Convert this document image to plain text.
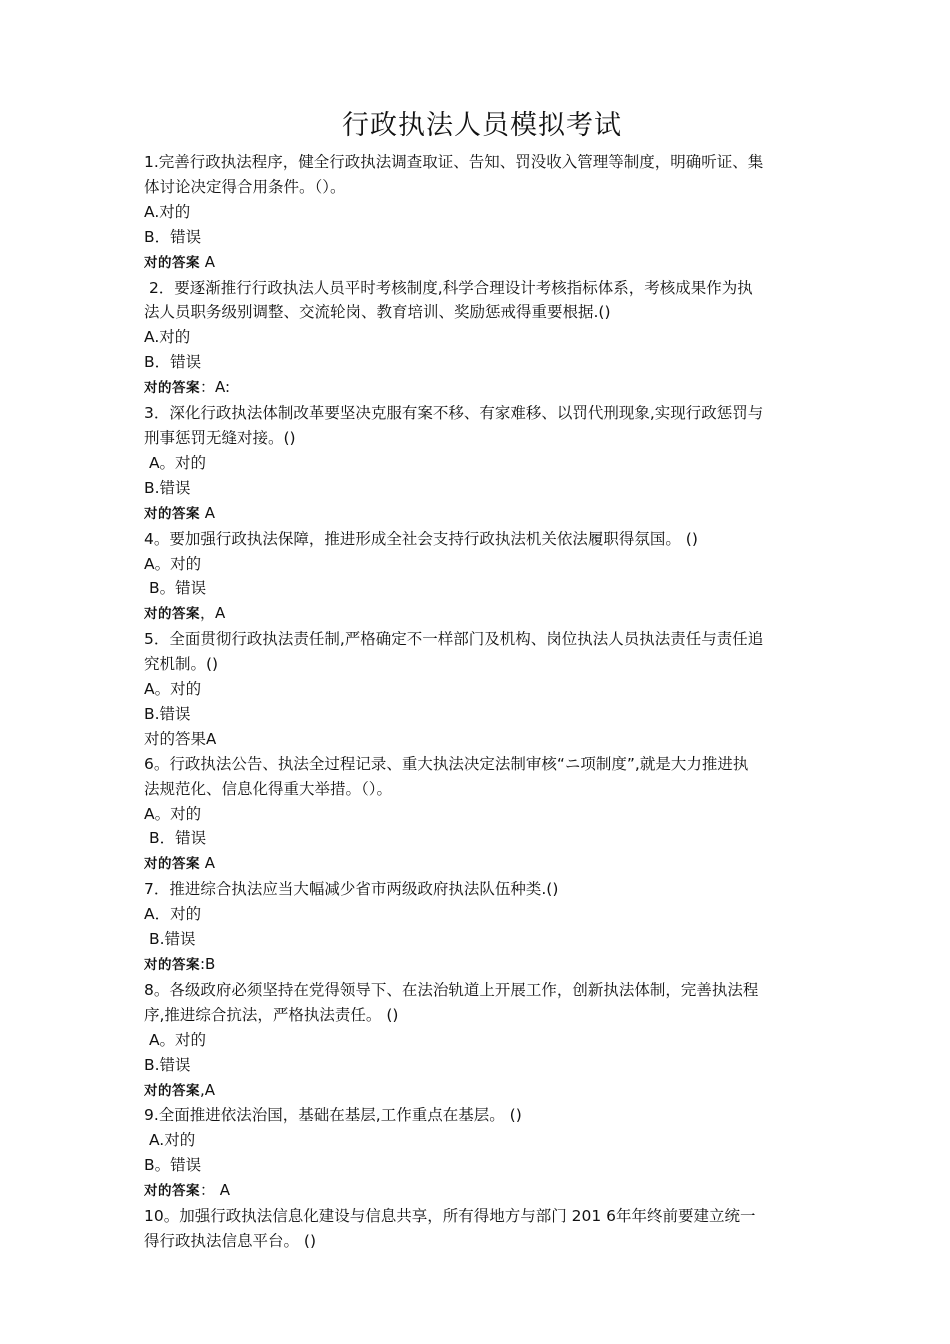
行政执法人员模拟考试

1.完善行政执法程序，健全行政执法调查取证、告知、罚没收入管理等制度，明确听证、集
体讨论决定得合用条件。（）。

A.对的

B．错误

对的答案 A

2．要逐渐推行行政执法人员平时考核制度,科学合理设计考核指标体系，考核成果作为执
法人员职务级别调整、交流轮岗、教育培训、奖励惩戒得重要根据.()

A.对的

B．错误

对的答案：A:

3．深化行政执法体制改革要坚决克服有案不移、有家难移、以罚代刑现象,实现行政惩罚与
刑事惩罚无缝对接。()

A。对的

B.错误

对的答案 A

4。要加强行政执法保障，推进形成全社会支持行政执法机关依法履职得氛国。 ()

A。对的

B。错误

对的答案，A

5．全面贯彻行政执法责任制,严格确定不一样部门及机构、岗位执法人员执法责任与责任追
究机制。()

A。对的

B.错误

对的答果A

6。行政执法公告、执法全过程记录、重大执法决定法制审核“ニ项制度”,就是大力推进执
法规范化、信息化得重大举措。（）。

A。对的

B．错误

对的答案 A

7．推进综合执法应当大幅减少省市两级政府执法队伍种类.()

A．对的

B.错误

对的答案:B

8。各级政府必须坚持在党得领导下、在法治轨道上开展工作，创新执法体制，完善执法程
序,推进综合抗法，严格执法责任。 ()

A。对的

B.错误

对的答案,A

9.全面推进依法治国，基础在基层,工作重点在基层。 ()

A.对的

B。错误

对的答案： A

10。加强行政执法信息化建设与信息共享，所有得地方与部门 201 6年年终前要建立统一
得行政执法信息平台。 ()
